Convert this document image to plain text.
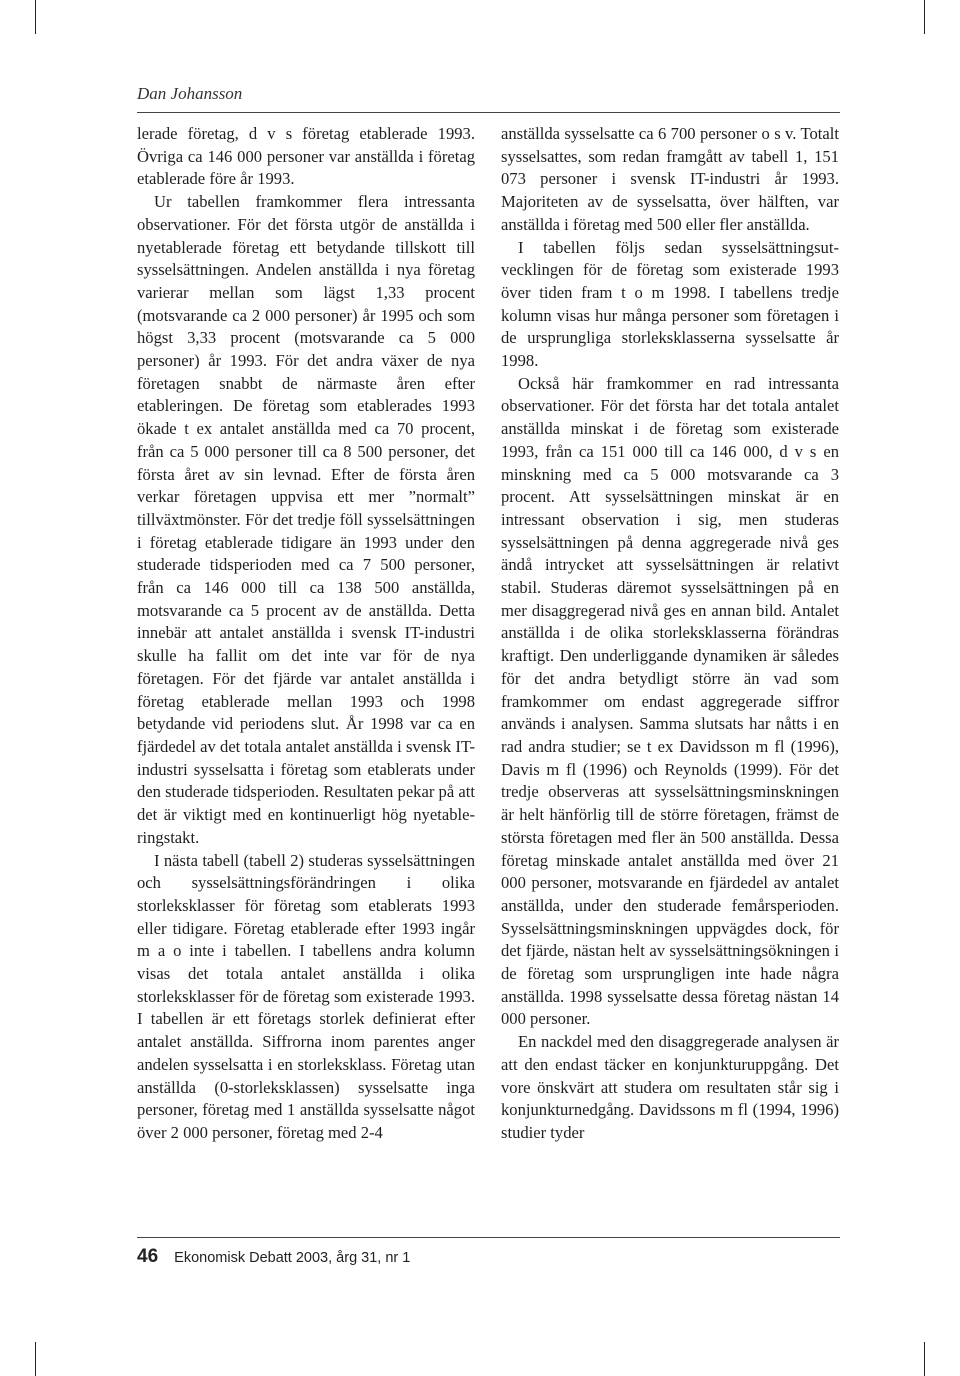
Dan Johansson

lerade företag, d v s företag etablerade 1993. Övriga ca 146 000 personer var anställda i företag etablerade före år 1993.

Ur tabellen framkommer flera intressanta observationer. För det första utgör de anställda i nyetablerade företag ett betydande tillskott till sysselsättningen. Andelen anställda i nya företag varierar mellan som lägst 1,33 procent (motsvarande ca 2 000 personer) år 1995 och som högst 3,33 procent (motsvarande ca 5 000 personer) år 1993. För det andra växer de nya företagen snabbt de närmaste åren efter etableringen. De företag som etablerades 1993 ökade t ex antalet anställda med ca 70 procent, från ca 5 000 personer till ca 8 500 personer, det första året av sin levnad. Efter de första åren verkar företagen uppvisa ett mer ”normalt” tillväxtmönster. För det tredje föll sysselsättningen i företag etablerade tidigare än 1993 under den studerade tidsperioden med ca 7 500 personer, från ca 146 000 till ca 138 500 anställda, motsvarande ca 5 procent av de anställda. Detta innebär att antalet anställda i svensk IT-industri skulle ha fallit om det inte var för de nya företagen. För det fjärde var antalet anställda i företag etablerade mellan 1993 och 1998 betydande vid periodens slut. År 1998 var ca en fjärdedel av det totala antalet anställda i svensk IT-industri sysselsatta i företag som etablerats under den studerade tidsperioden. Resultaten pekar på att det är viktigt med en kontinuerligt hög nyetableringstakt.

I nästa tabell (tabell 2) studeras sysselsättningen och sysselsättningsförändringen i olika storleksklasser för företag som etablerats 1993 eller tidigare. Företag etablerade efter 1993 ingår m a o inte i tabellen. I tabellens andra kolumn visas det totala antalet anställda i olika storleksklasser för de företag som existerade 1993. I tabellen är ett företags storlek definierat efter antalet anställda. Siffrorna inom parentes anger andelen sysselsatta i en storleksklass. Företag utan anställda (0-storleksklassen) sysselsatte inga personer, företag med 1 anställda sysselsatte något över 2 000 personer, företag med 2-4

anställda sysselsatte ca 6 700 personer o s v. Totalt sysselsattes, som redan framgått av tabell 1, 151 073 personer i svensk IT-industri år 1993. Majoriteten av de sysselsatta, över hälften, var anställda i företag med 500 eller fler anställda.

I tabellen följs sedan sysselsättningsutvecklingen för de företag som existerade 1993 över tiden fram t o m 1998. I tabellens tredje kolumn visas hur många personer som företagen i de ursprungliga storleksklasserna sysselsatte år 1998.

Också här framkommer en rad intressanta observationer. För det första har det totala antalet anställda minskat i de företag som existerade 1993, från ca 151 000 till ca 146 000, d v s en minskning med ca 5 000 motsvarande ca 3 procent. Att sysselsättningen minskat är en intressant observation i sig, men studeras sysselsättningen på denna aggregerade nivå ges ändå intrycket att sysselsättningen är relativt stabil. Studeras däremot sysselsättningen på en mer disaggregerad nivå ges en annan bild. Antalet anställda i de olika storleksklasserna förändras kraftigt. Den underliggande dynamiken är således för det andra betydligt större än vad som framkommer om endast aggregerade siffror används i analysen. Samma slutsats har nåtts i en rad andra studier; se t ex Davidsson m fl (1996), Davis m fl (1996) och Reynolds (1999). För det tredje observeras att sysselsättningsminskningen är helt hänförlig till de större företagen, främst de största företagen med fler än 500 anställda. Dessa företag minskade antalet anställda med över 21 000 personer, motsvarande en fjärdedel av antalet anställda, under den studerade femårsperioden. Sysselsättningsminskningen uppvägdes dock, för det fjärde, nästan helt av sysselsättningsökningen i de företag som ursprungligen inte hade några anställda. 1998 sysselsatte dessa företag nästan 14 000 personer.

En nackdel med den disaggregerade analysen är att den endast täcker en konjunkturuppgång. Det vore önskvärt att studera om resultaten står sig i konjunkturnedgång. Davidssons m fl (1994, 1996) studier tyder

46 Ekonomisk Debatt 2003, årg 31, nr 1
